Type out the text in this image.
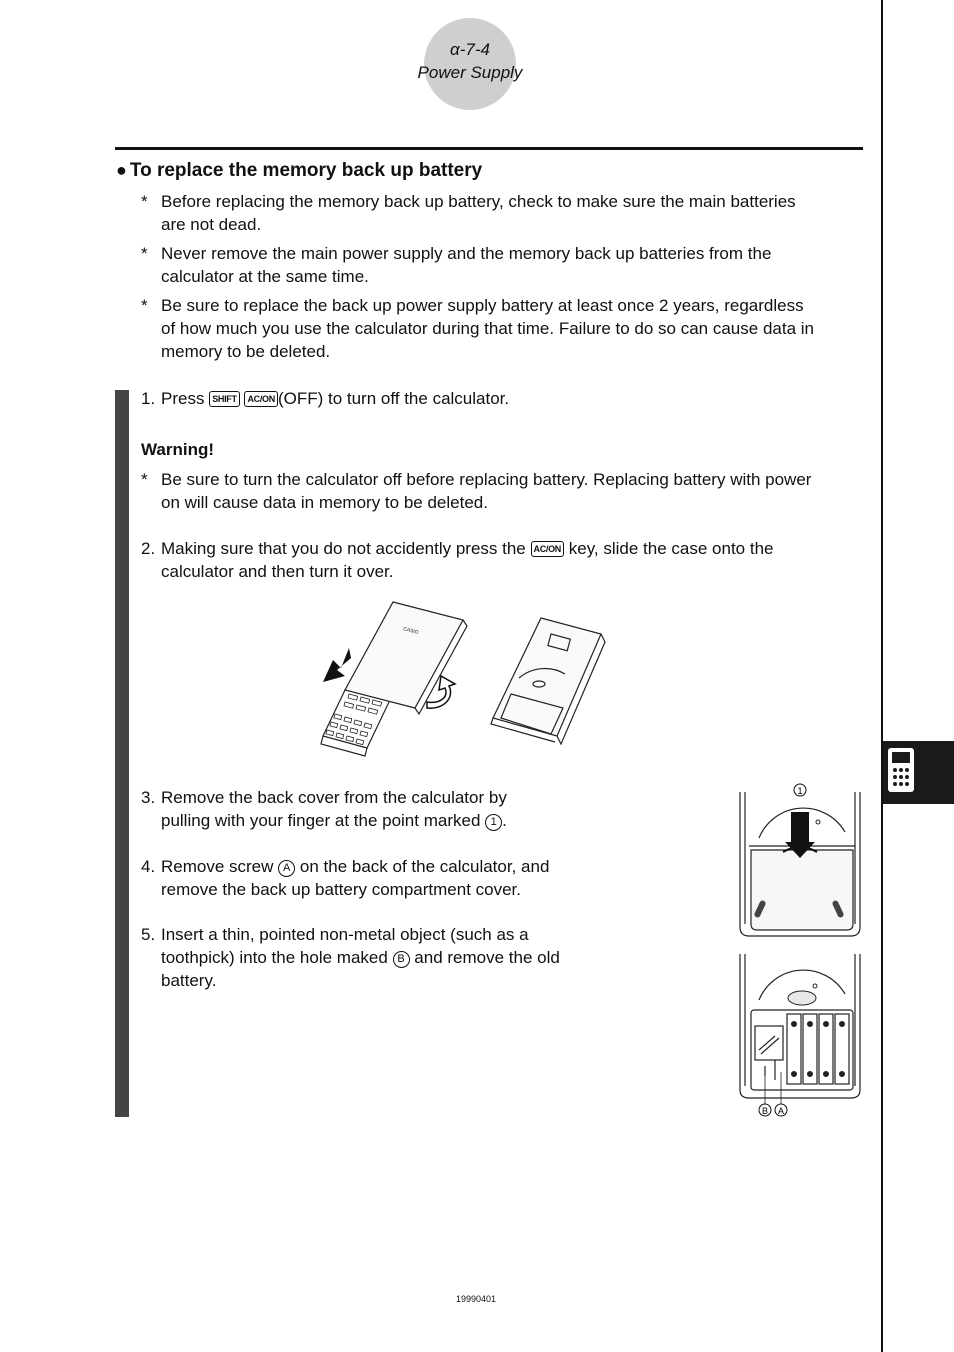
α-7-4
Power Supply
● To replace the memory back up battery
* Before replacing the memory back up battery, check to make sure the main batteries
are not dead.
* Never remove the main power supply and the memory back up batteries from the
calculator at the same time.
* Be sure to replace the back up power supply battery at least once 2 years, regardless
of how much you use the calculator during that time. Failure to do so can cause data in
memory to be deleted.
1. Press SHIFT AC/ON (OFF) to turn off the calculator.
Warning!
* Be sure to turn the calculator off before replacing battery. Replacing battery with power
on will cause data in memory to be deleted.
2. Making sure that you do not accidently press the AC/ON key, slide the case onto the
calculator and then turn it over.
CASIO
3. Remove the back cover from the calculator by
pulling with your finger at the point marked 1 .
4. Remove screw A on the back of the calculator, and
remove the back up battery compartment cover.
5. Insert a thin, pointed non-metal object (such as a
toothpick) into the hole maked B and remove the old
battery.
1
B A
19990401
